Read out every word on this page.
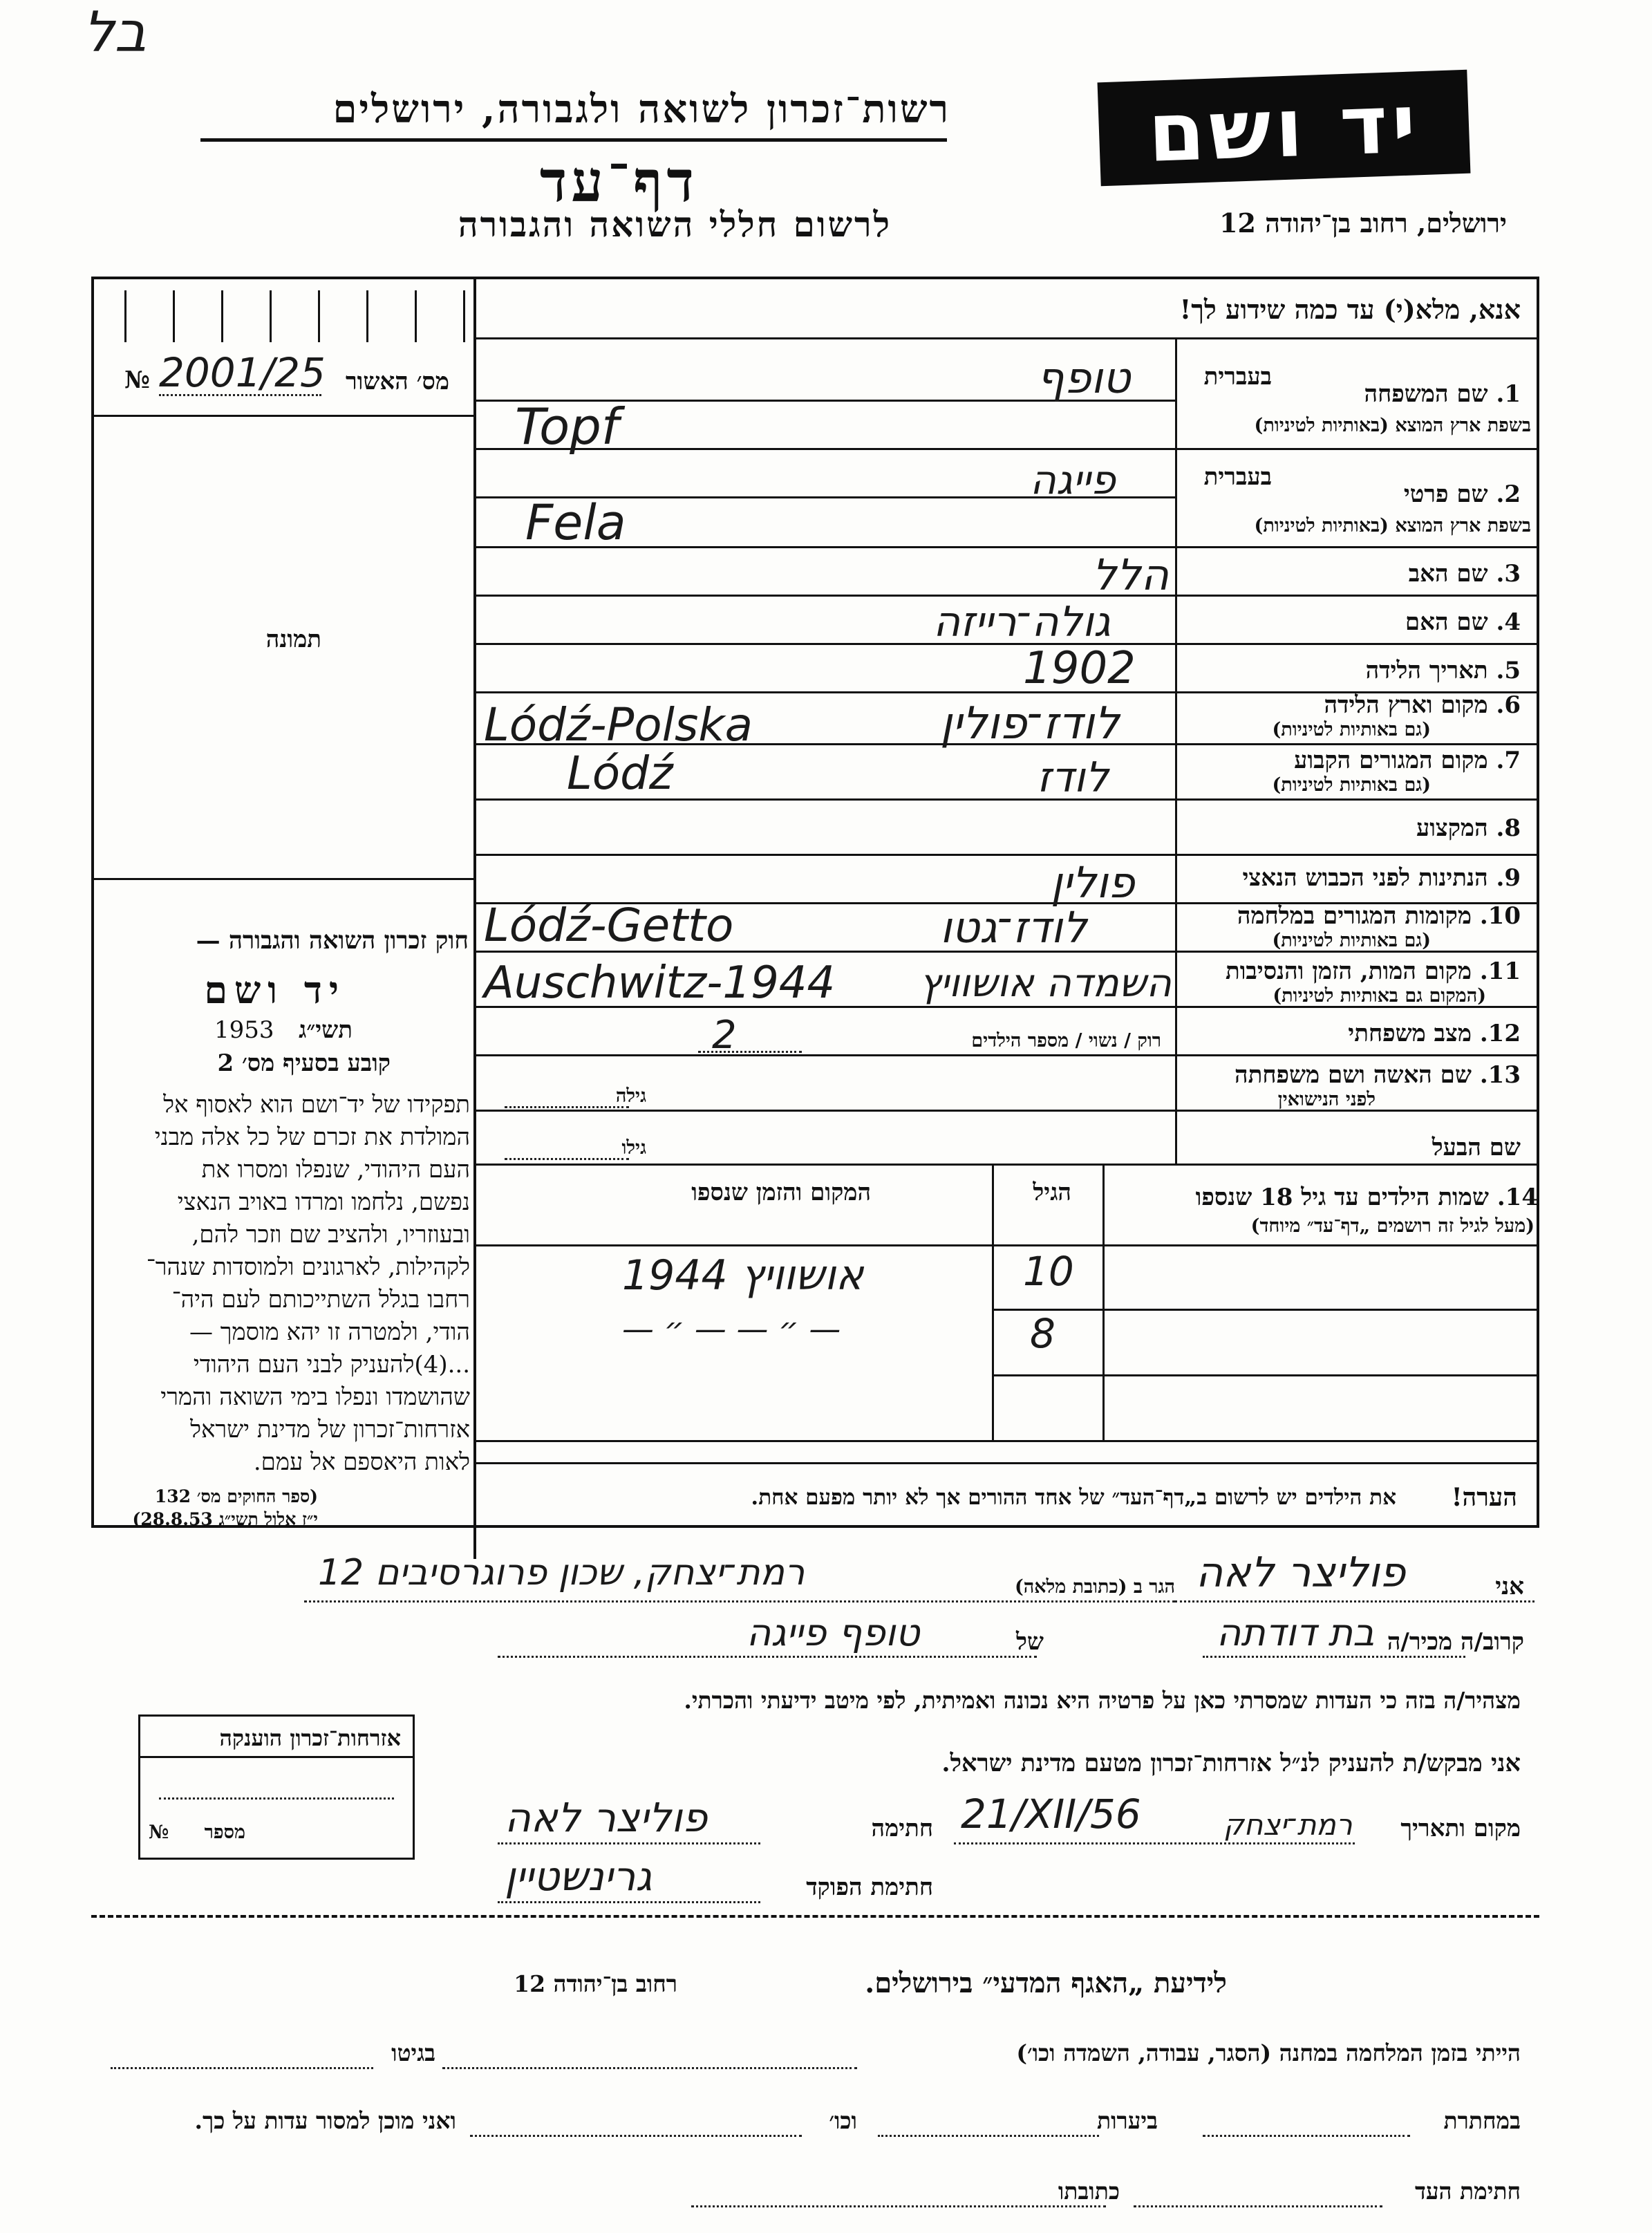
בל
רשות־זכרון לשואה ולגבורה, ירושלים
דף־עד
לרשום חללי השואה והגבורה
יד ושם
ירושלים, רחוב בן־יהודה 12
אנא, מלא(י) עד כמה שידוע לך!
מס׳ האשור
№ 2001/25
תמונה
חוק זכרון השואה והגבורה —
יד ושם
תשי״ג
1953
קובע בסעיף מס׳ 2
תפקידו של יד־ושם הוא לאסוף אל
המולדת את זכרם של כל אלה מבני
העם היהודי, שנפלו ומסרו את
נפשם, נלחמו ומרדו באויב הנאצי
ובעוזריו, ולהציב שם וזכר להם,
לקהילות, לארגונים ולמוסדות שנהר־
רחבו בגלל השתייכותם לעם היה־
הודי, ולמטרה זו יהא מוסמך —
...(4)להעניק לבני העם היהודי
שהושמדו ונפלו בימי השואה והמרי
אזרחות־זכרון של מדינת ישראל
לאות היאספם אל עמם.
(ספר החוקים מס׳ 132
י״ז אלול תשי״ג 28.8.53)
1. שם המשפחה
בעברית
בשפת ארץ המוצא (באותיות לטיניות)
טופף
Topf
2. שם פרטי
בעברית
בשפת ארץ המוצא (באותיות לטיניות)
פייגה
Fela
3. שם האב
הלל
4. שם האם
גולה־רייזה
5. תאריך הלידה
1902
6. מקום וארץ הלידה
(גם באותיות לטיניות)
Lódź-Polska	לודז־פולין
7. מקום המגורים הקבוע
(גם באותיות לטיניות)
Lódź	לודז
8. המקצוע
9. הנתינות לפני הכבוש הנאצי
פולין
10. מקומות המגורים במלחמה
(גם באותיות לטיניות)
Lódź-Getto	לודז־גטו
11. מקום המות, הזמן והנסיבות
(המקום גם באותיות לטיניות)
Auschwitz-1944 השמדה אושוויץ
12. מצב משפחתי
רוק / נשוי / מספר הילדים
2
13. שם האשה ושם משפחתה
לפני הנישואין
גילה
שם הבעל
גילו
14. שמות הילדים עד גיל 18 שנספו
(מעל לגיל זה רושמים „דף־עד״ מיוחד)
הגיל
המקום והזמן שנספו
10
אושוויץ 1944
8
— ״ — — ״ —
הערה!
את הילדים יש לרשום ב„דף־העד״ של אחד ההורים אך לא יותר מפעם אחת.
אני
פוליצר לאה
הגר ב (כתובת מלאה)
רמת־יצחק, שכון פרוגרסיבים 12
קרוב/ה מכיר/ה
בת דודתה
של
טופף פייגה
מצהיר/ה בזה כי העדות שמסרתי כאן על פרטיה היא נכונה ואמיתית, לפי מיטב ידיעתי והכרתי.
אני מבקש/ת להעניק לנ״ל אזרחות־זכרון מטעם מדינת ישראל.
מקום ותאריך
רמת־יצחק
21/XII/56
חתימה
פוליצר לאה
חתימת הפוקד
גרינשטיין
אזרחות־זכרון הוענקה
מספר
№
לידיעת „האגף המדעי״ בירושלים.
רחוב בן־יהודה 12
הייתי בזמן המלחמה במחנה (הסגר, עבודה, השמדה וכו׳)
בגיטו
במחתרת
ביערות
וכו׳
ואני מוכן למסור עדות על כך.
חתימת העד
כתובתו
